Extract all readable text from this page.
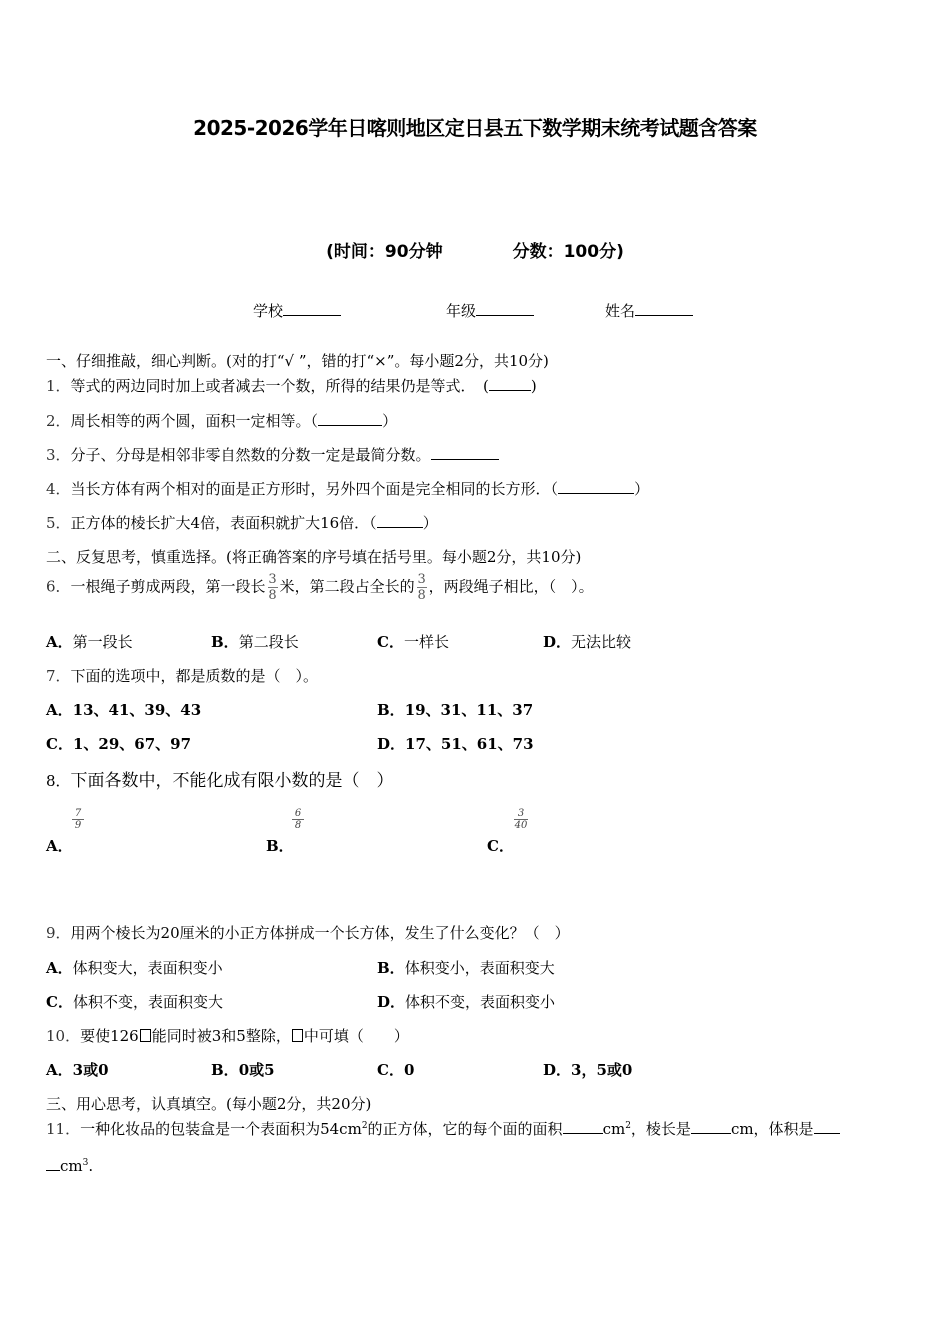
2025-2026学年日喀则地区定日县五下数学期末统考试题含答案
(时间：90分钟	分数：100分)
学校	年级	姓名
一、仔细推敲，细心判断。(对的打“√ ”，错的打“×”。每小题2分，共10分)
1．等式的两边同时加上或者减去一个数，所得的结果仍是等式．　(	)
2．周长相等的两个圆，面积一定相等。（	）
3．分子、分母是相邻非零自然数的分数一定是最简分数。
4．当长方体有两个相对的面是正方形时，另外四个面是完全相同的长方形．（	）
5．正方体的棱长扩大4倍，表面积就扩大16倍．（	）
二、反复思考，慎重选择。(将正确答案的序号填在括号里。每小题2分，共10分)
6．一根绳子剪成两段，第一段长 $\frac{3}{8}$ 米，第二段占全长的 $\frac{3}{8}$ ，两段绳子相比，（　）。
A．第一段长	B．第二段长	C．一样长	D．无法比较
7．下面的选项中，都是质数的是（　）。
A．13、41、39、43	B．19、31、11、37
C．1、29、67、97	D．17、51、61、73
8．下面各数中，不能化成有限小数的是（　）
A．
7
9
B．
6
8
C．
3
40
9．用两个棱长为20厘米的小正方体拼成一个长方体，发生了什么变化？（　）
A．体积变大，表面积变小	B．体积变小，表面积变大
C．体积不变，表面积变大	D．体积不变，表面积变小
10．要使126 能同时被3和5整除， 中可填（　　）
A．3或0	B．0或5	C．0	D．3，5或0
三、用心思考，认真填空。(每小题2分，共20分)
11．一种化妆品的包装盒是一个表面积为$54cm^2$的正方体，它的每个面的面积	$cm^2$，棱长是	cm，体积是
$cm^3$.
